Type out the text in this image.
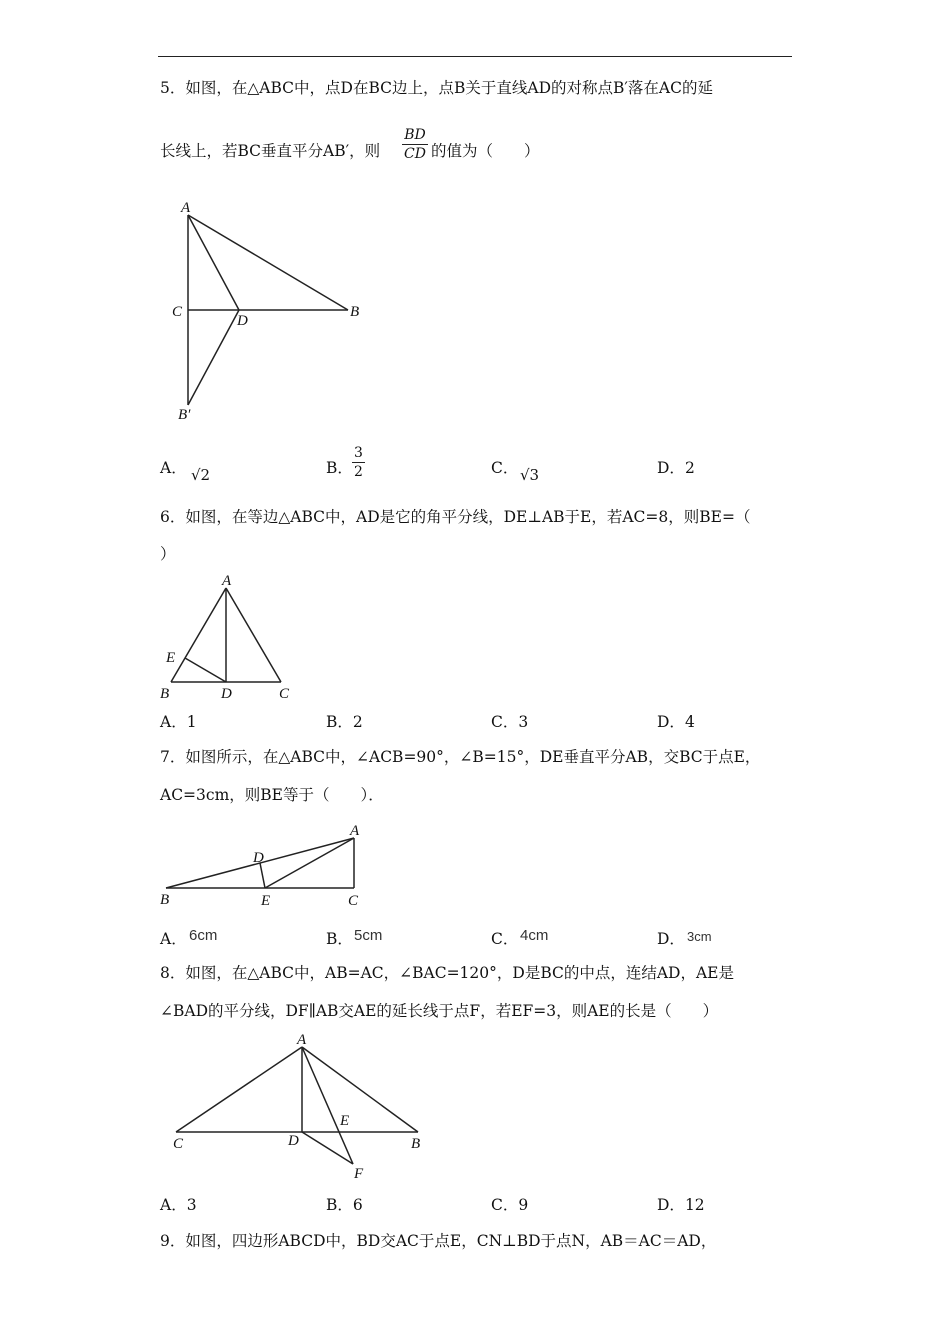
5．如图，在△ABC中，点D在BC边上，点B关于直线AD的对称点B′落在AC的延
长线上，若BC垂直平分AB′，则
BD
CD 的值为（　　）
A
C
D
B
B′
A． √2	B．
3
2	C． √3	D．2
6．如图，在等边△ABC中，AD是它的角平分线，DE⊥AB于E，若AC=8，则BE=（
）
A
E
B	D	C
A．1	B．2	C．3	D．4
7．如图所示，在△ABC中，∠ACB=90°，∠B=15°，DE垂直平分AB，交BC于点E，
AC=3cm，则BE等于（　　）．
A
D
B	E	C
A． 6cm	B． 5cm	C． 4cm	D． 3cm
8．如图，在△ABC中，AB=AC，∠BAC=120°，D是BC的中点，连结AD，AE是
∠BAD的平分线，DF∥AB交AE的延长线于点F，若EF=3，则AE的长是（　　）
A
E
C	D	B
F
A．3	B．6	C．9	D．12
9．如图，四边形ABCD中，BD交AC于点E，CN⊥BD于点N，AB＝AC＝AD，
